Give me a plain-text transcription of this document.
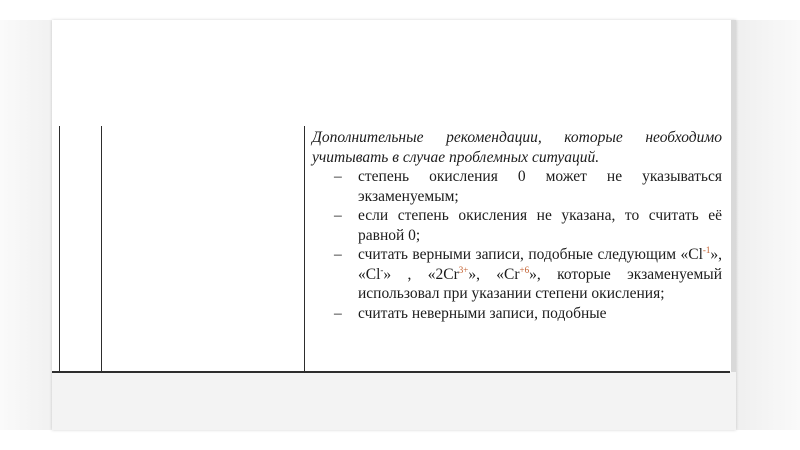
Дополнительные рекомендации, которые необходимо учитывать в случае проблемных ситуаций.

– степень окисления 0 может не указываться экзаменуемым;
– если степень окисления не указана, то считать её равной 0;
– считать верными записи, подобные следующим «$Cl^{-1}$», «Cl-» , «$2Cr^{3+}$», «$Cr^{+6}$», которые экзаменуемый использовал при указании степени окисления;
– считать неверными записи, подобные
